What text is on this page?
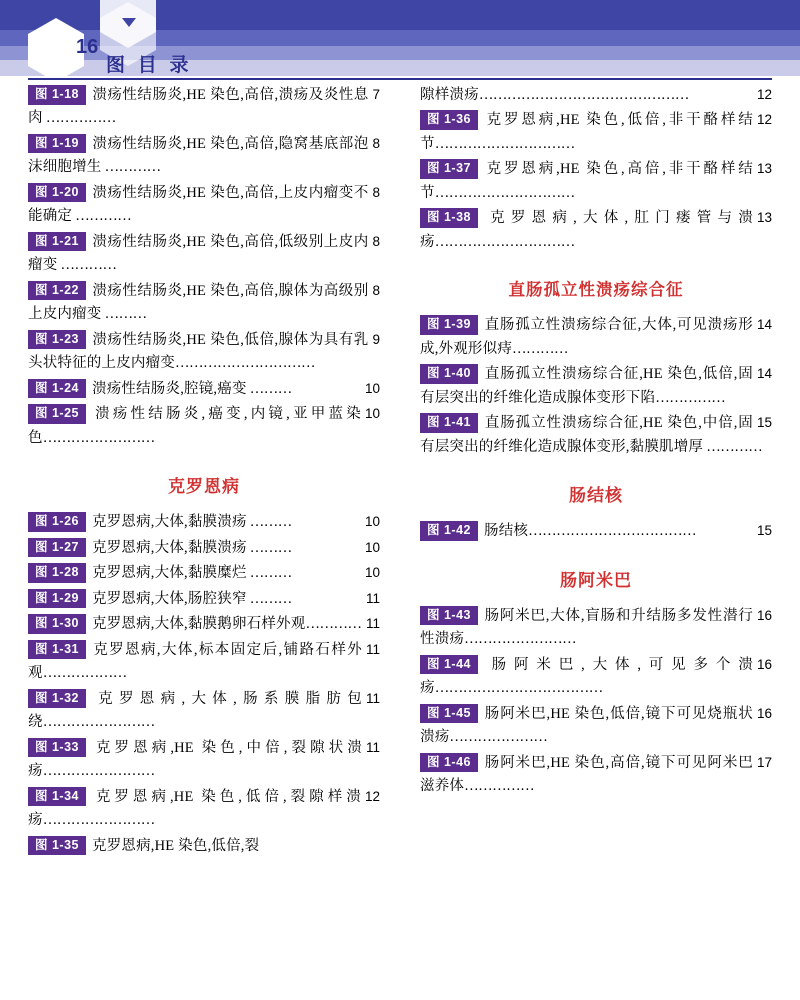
16
图 目 录

7
图 1-18 溃疡性结肠炎,HE 染色,高倍,溃疡及炎性息肉 ……………

8
图 1-19 溃疡性结肠炎,HE 染色,高倍,隐窝基底部泡沫细胞增生 …………

8
图 1-20 溃疡性结肠炎,HE 染色,高倍,上皮内瘤变不能确定 …………

8
图 1-21 溃疡性结肠炎,HE 染色,高倍,低级别上皮内瘤变 …………

8
图 1-22 溃疡性结肠炎,HE 染色,高倍,腺体为高级别上皮内瘤变 ………

9
图 1-23 溃疡性结肠炎,HE 染色,低倍,腺体为具有乳头状特征的上皮内瘤变…………………………

10
图 1-24 溃疡性结肠炎,腔镜,癌变 ………

10
图 1-25 溃疡性结肠炎,癌变,内镜,亚甲蓝染色……………………

克罗恩病

10
图 1-26 克罗恩病,大体,黏膜溃疡 ………

10
图 1-27 克罗恩病,大体,黏膜溃疡 ………

10
图 1-28 克罗恩病,大体,黏膜糜烂 ………

11
图 1-29 克罗恩病,大体,肠腔狭窄 ………

11
图 1-30 克罗恩病,大体,黏膜鹅卵石样外观…………

11
图 1-31 克罗恩病,大体,标本固定后,铺路石样外观………………

11
图 1-32 克罗恩病,大体,肠系膜脂肪包绕……………………

11
图 1-33 克罗恩病,HE 染色,中倍,裂隙状溃疡……………………

12
图 1-34 克罗恩病,HE 染色,低倍,裂隙样溃疡……………………

图 1-35 克罗恩病,HE 染色,低倍,裂

12
隙样溃疡………………………………………

12
图 1-36 克罗恩病,HE 染色,低倍,非干酪样结节…………………………

13
图 1-37 克罗恩病,HE 染色,高倍,非干酪样结节…………………………

13
图 1-38 克罗恩病,大体,肛门瘘管与溃疡…………………………

直肠孤立性溃疡综合征

14
图 1-39 直肠孤立性溃疡综合征,大体,可见溃疡形成,外观形似痔…………

14
图 1-40 直肠孤立性溃疡综合征,HE 染色,低倍,固有层突出的纤维化造成腺体变形下陷……………

15
图 1-41 直肠孤立性溃疡综合征,HE 染色,中倍,固有层突出的纤维化造成腺体变形,黏膜肌增厚 …………

肠结核

15
图 1-42 肠结核………………………………

肠阿米巴

16
图 1-43 肠阿米巴,大体,盲肠和升结肠多发性潜行性溃疡……………………

16
图 1-44 肠阿米巴,大体,可见多个溃疡………………………………

16
图 1-45 肠阿米巴,HE 染色,低倍,镜下可见烧瓶状溃疡…………………

17
图 1-46 肠阿米巴,HE 染色,高倍,镜下可见阿米巴滋养体……………
